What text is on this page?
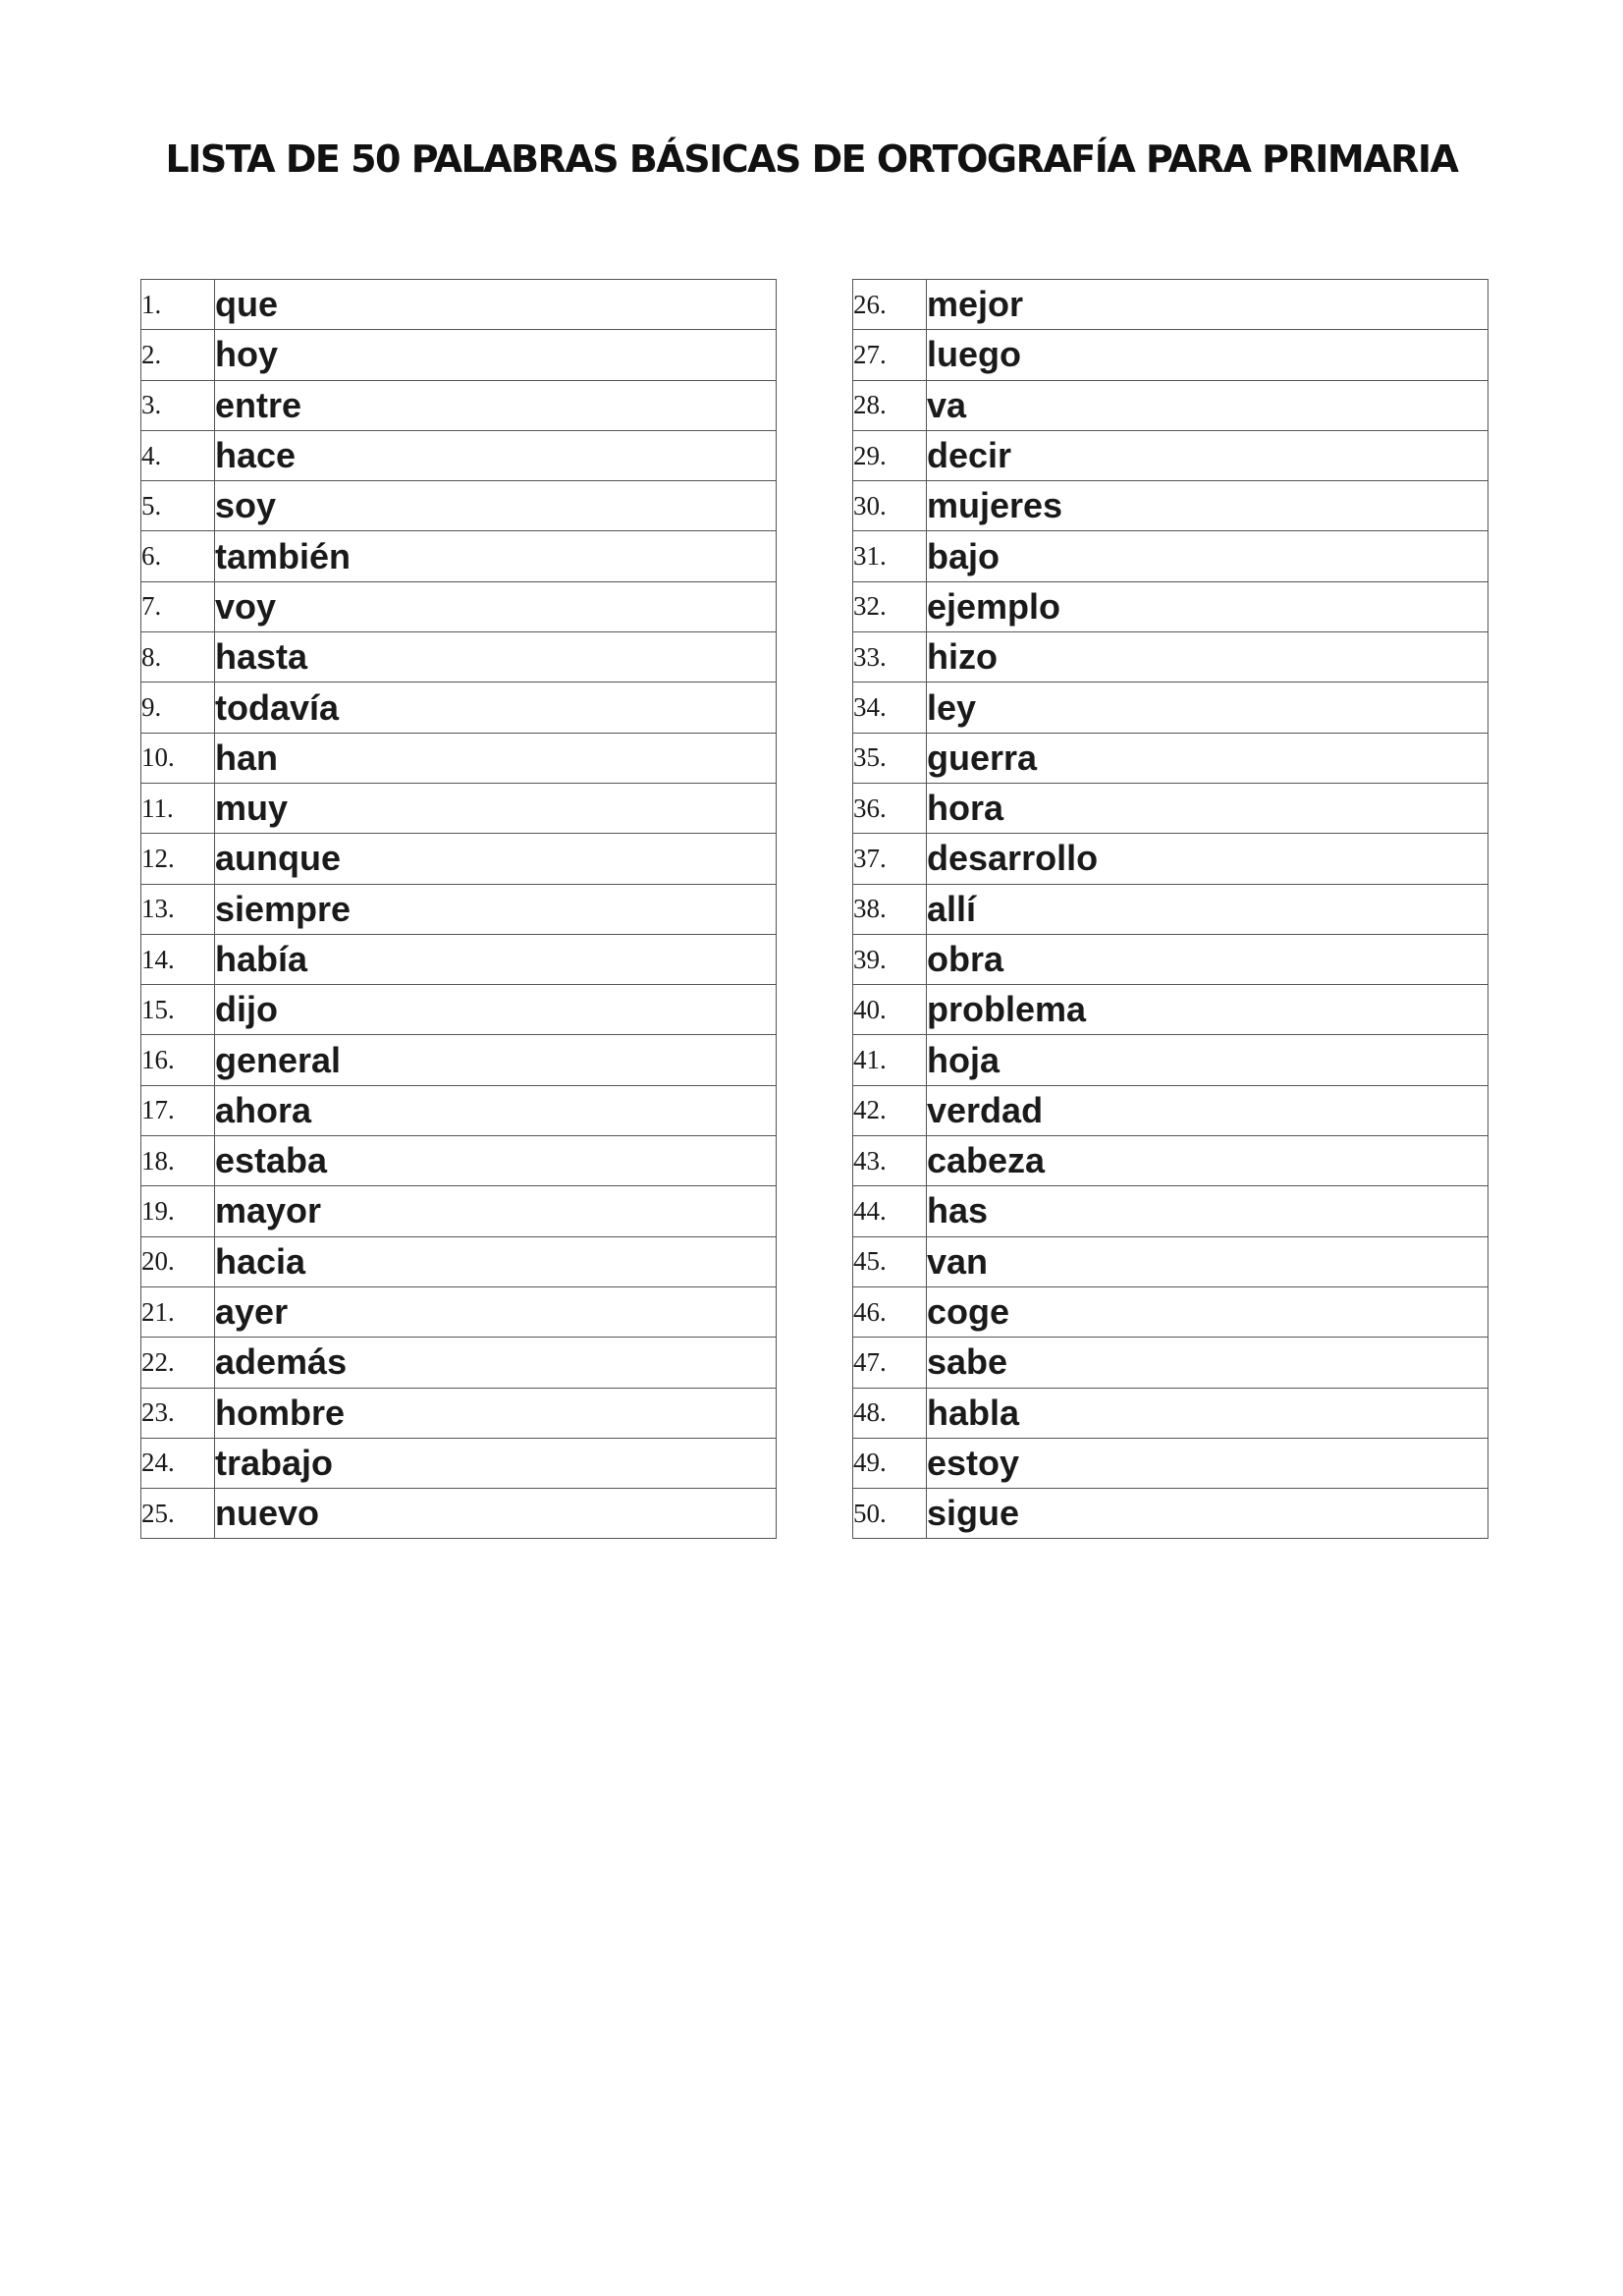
LISTA DE 50 PALABRAS BÁSICAS DE ORTOGRAFÍA PARA PRIMARIA
1.	que
2.	hoy
3.	entre
4.	hace
5.	soy
6.	también
7.	voy
8.	hasta
9.	todavía
10.	han
11.	muy
12.	aunque
13.	siempre
14.	había
15.	dijo
16.	general
17.	ahora
18.	estaba
19.	mayor
20.	hacia
21.	ayer
22.	además
23.	hombre
24.	trabajo
25.	nuevo
26.	mejor
27.	luego
28.	va
29.	decir
30.	mujeres
31.	bajo
32.	ejemplo
33.	hizo
34.	ley
35.	guerra
36.	hora
37.	desarrollo
38.	allí
39.	obra
40.	problema
41.	hoja
42.	verdad
43.	cabeza
44.	has
45.	van
46.	coge
47.	sabe
48.	habla
49.	estoy
50.	sigue
